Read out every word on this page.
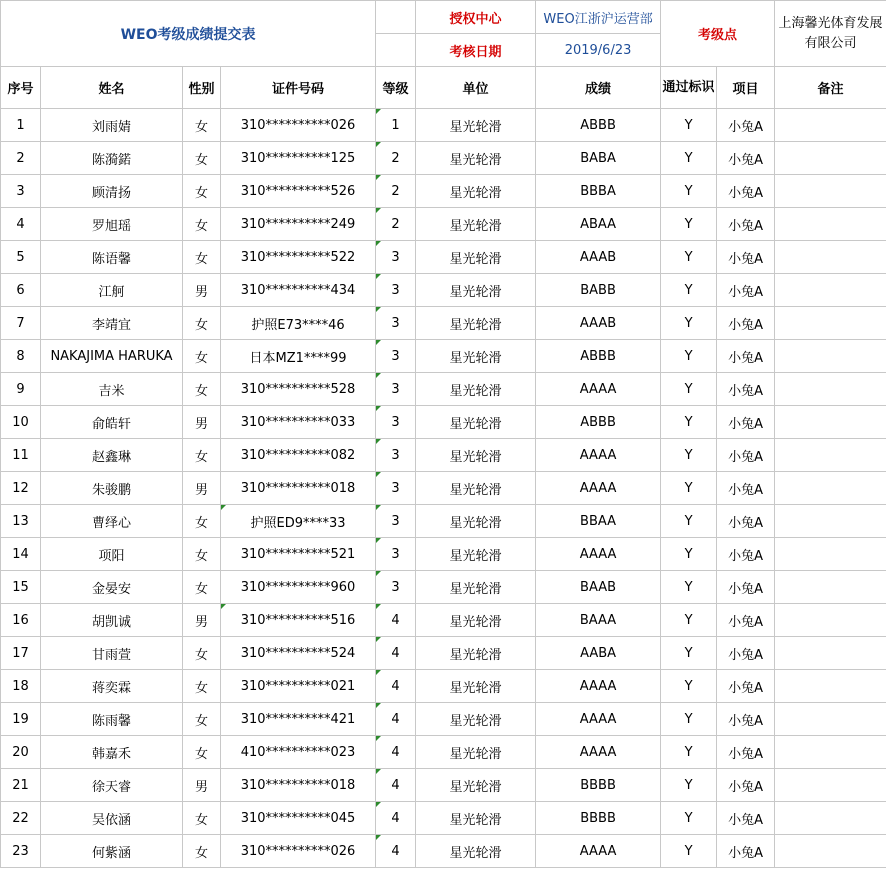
WEO考级成绩提交表					授权中心	WEO江浙沪运营部	考级点		上海馨光体育发展有限公司
					考核日期	2019/6/23			
序号	姓名	性别	证件号码	等级	单位	成绩	通过标识	项目	备注
1	刘雨婧	女	310**********026	1	星光轮滑	ABBB	Y	小兔A	
2	陈漪鍩	女	310**********125	2	星光轮滑	BABA	Y	小兔A	
3	顾清扬	女	310**********526	2	星光轮滑	BBBA	Y	小兔A	
4	罗旭瑶	女	310**********249	2	星光轮滑	ABAA	Y	小兔A	
5	陈语馨	女	310**********522	3	星光轮滑	AAAB	Y	小兔A	
6	江舸	男	310**********434	3	星光轮滑	BABB	Y	小兔A	
7	李靖宜	女	护照E73****46	3	星光轮滑	AAAB	Y	小兔A	
8	NAKAJIMA HARUKA	女	日本MZ1****99	3	星光轮滑	ABBB	Y	小兔A	
9	吉米	女	310**********528	3	星光轮滑	AAAA	Y	小兔A	
10	俞皓轩	男	310**********033	3	星光轮滑	ABBB	Y	小兔A	
11	赵鑫琳	女	310**********082	3	星光轮滑	AAAA	Y	小兔A	
12	朱骏鹏	男	310**********018	3	星光轮滑	AAAA	Y	小兔A	
13	曹绎心	女	护照ED9****33	3	星光轮滑	BBAA	Y	小兔A	
14	项阳	女	310**********521	3	星光轮滑	AAAA	Y	小兔A	
15	金晏安	女	310**********960	3	星光轮滑	BAAB	Y	小兔A	
16	胡凯诚	男	310**********516	4	星光轮滑	BAAA	Y	小兔A	
17	甘雨萱	女	310**********524	4	星光轮滑	AABA	Y	小兔A	
18	蒋奕霖	女	310**********021	4	星光轮滑	AAAA	Y	小兔A	
19	陈雨馨	女	310**********421	4	星光轮滑	AAAA	Y	小兔A	
20	韩嘉禾	女	410**********023	4	星光轮滑	AAAA	Y	小兔A	
21	徐天睿	男	310**********018	4	星光轮滑	BBBB	Y	小兔A	
22	吴依涵	女	310**********045	4	星光轮滑	BBBB	Y	小兔A	
23	何紫涵	女	310**********026	4	星光轮滑	AAAA	Y	小兔A	
